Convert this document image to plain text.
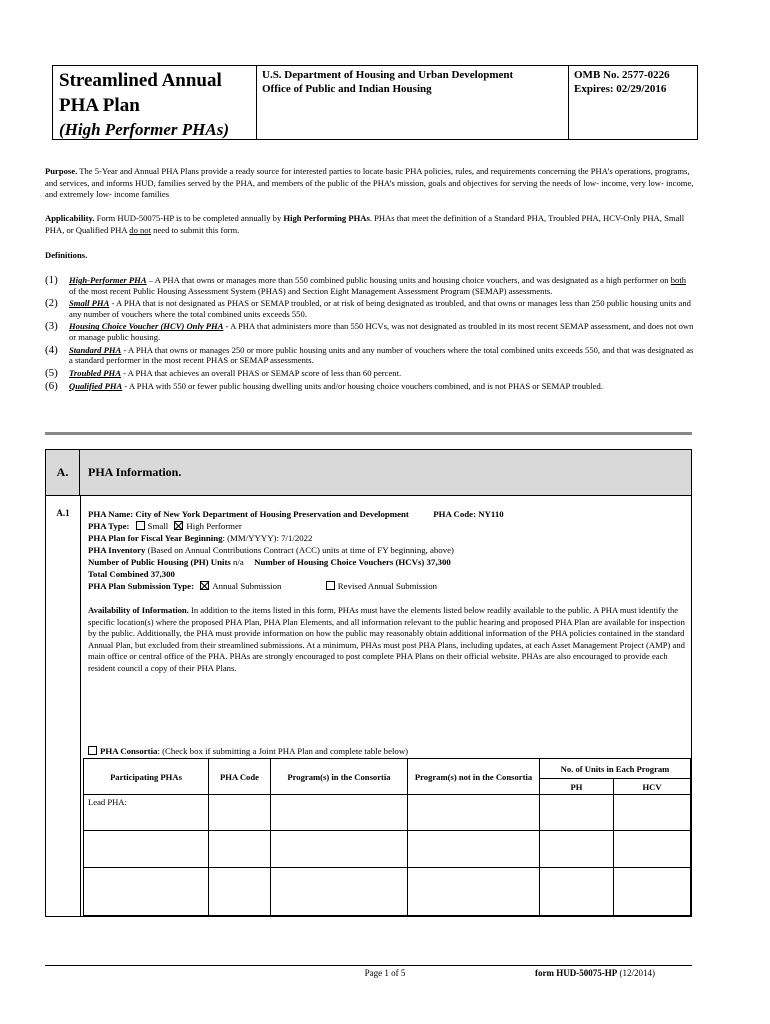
Streamlined Annual
PHA Plan
(High Performer PHAs)
U.S. Department of Housing and Urban Development
Office of Public and Indian Housing
OMB No. 2577-0226
Expires: 02/29/2016
Purpose. The 5-Year and Annual PHA Plans provide a ready source for interested parties to locate basic PHA policies, rules, and requirements concerning the PHA’s operations, programs, and services, and informs HUD, families served by the PHA, and members of the public of the PHA’s mission, goals and objectives for serving the needs of low- income, very low- income, and extremely low- income families
Applicability. Form HUD-50075-HP is to be completed annually by High Performing PHAs. PHAs that meet the definition of a Standard PHA, Troubled PHA, HCV-Only PHA, Small PHA, or Qualified PHA do not need to submit this form.
Definitions.
(1)	High-Performer PHA – A PHA that owns or manages more than 550 combined public housing units and housing choice vouchers, and was designated as a high performer on both of the most recent Public Housing Assessment System (PHAS) and Section Eight Management Assessment Program (SEMAP) assessments.
(2)	Small PHA - A PHA that is not designated as PHAS or SEMAP troubled, or at risk of being designated as troubled, and that owns or manages less than 250 public housing units and any number of vouchers where the total combined units exceeds 550.
(3)	Housing Choice Voucher (HCV) Only PHA - A PHA that administers more than 550 HCVs, was not designated as troubled in its most recent SEMAP assessment, and does not own or manage public housing.
(4)	Standard PHA - A PHA that owns or manages 250 or more public housing units and any number of vouchers where the total combined units exceeds 550, and that was designated as a standard performer in the most recent PHAS or SEMAP assessments.
(5)	Troubled PHA - A PHA that achieves an overall PHAS or SEMAP score of less than 60 percent.
(6)	Qualified PHA - A PHA with 550 or fewer public housing dwelling units and/or housing choice vouchers combined, and is not PHAS or SEMAP troubled.
A.	PHA Information.
A.1	PHA Name: City of New York Department of Housing Preservation and Development	PHA Code: NY110
PHA Type: Small High Performer
PHA Plan for Fiscal Year Beginning: (MM/YYYY): 7/1/2022
PHA Inventory (Based on Annual Contributions Contract (ACC) units at time of FY beginning, above)
Number of Public Housing (PH) Units n/a Number of Housing Choice Vouchers (HCVs) 37,300
Total Combined 37,300
PHA Plan Submission Type: Annual Submission	Revised Annual Submission
Availability of Information. In addition to the items listed in this form, PHAs must have the elements listed below readily available to the public. A PHA must identify the specific location(s) where the proposed PHA Plan, PHA Plan Elements, and all information relevant to the public hearing and proposed PHA Plan are available for inspection by the public. Additionally, the PHA must provide information on how the public may reasonably obtain additional information of the PHA policies contained in the standard Annual Plan, but excluded from their streamlined submissions. At a minimum, PHAs must post PHA Plans, including updates, at each Asset Management Project (AMP) and main office or central office of the PHA. PHAs are strongly encouraged to post complete PHA Plans on their official website. PHAs are also encouraged to provide each resident council a copy of their PHA Plans.
PHA Consortia: (Check box if submitting a Joint PHA Plan and complete table below)
Participating PHAs	PHA Code	Program(s) in the Consortia	Program(s) not in the Consortia	No. of Units in Each Program	
				PH	HCV
Lead PHA:					

Page 1 of 5	form HUD-50075-HP (12/2014)
